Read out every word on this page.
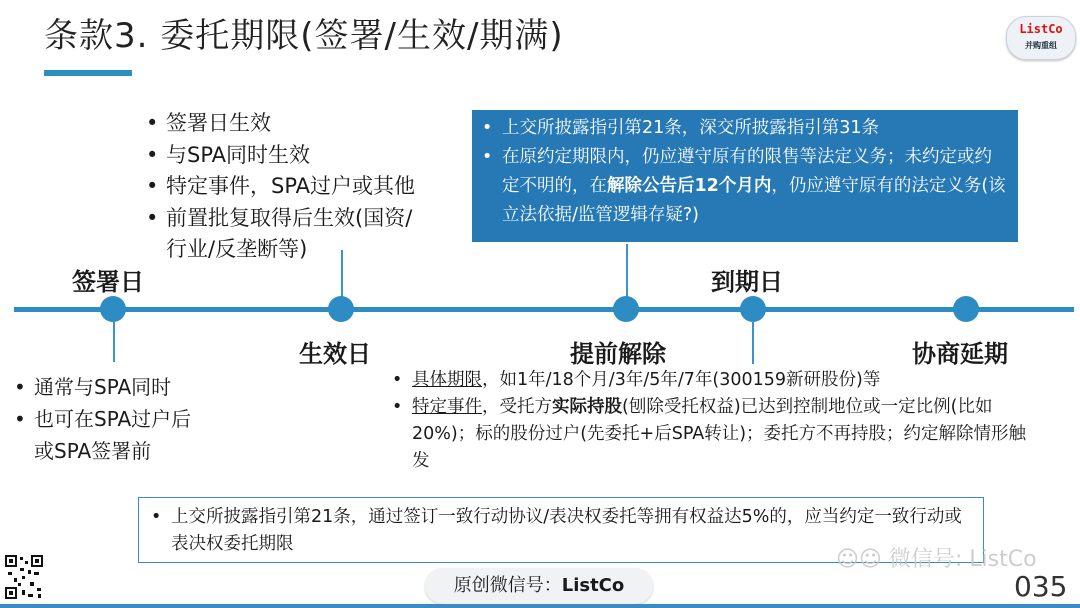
条款3. 委托期限(签署/生效/期满)	ListCo
并购重组
• 签署日生效
• 与SPA同时生效
• 特定事件，SPA过户或其他
• 前置批复取得后生效(国资/
行业/反垄断等)
• 上交所披露指引第21条，深交所披露指引第31条
• 在原约定期限内，仍应遵守原有的限售等法定义务；未约定或约定不明的，在解除公告后12个月内，仍应遵守原有的法定义务(该立法依据/监管逻辑存疑?)
签署日
生效日	提前解除
到期日
协商延期
• 通常与SPA同时
• 也可在SPA过户后
或SPA签署前
• 具体期限，如1年/18个月/3年/5年/7年(300159新研股份)等
• 特定事件，受托方实际持股(刨除受托权益)已达到控制地位或一定比例(比如20%)；标的股份过户(先委托+后SPA转让)；委托方不再持股；约定解除情形触发
• 上交所披露指引第21条，通过签订一致行动协议/表决权委托等拥有权益达5%的，应当约定一致行动或表决权委托期限
原创微信号：ListCo
☺☺ 微信号: ListCo
035
